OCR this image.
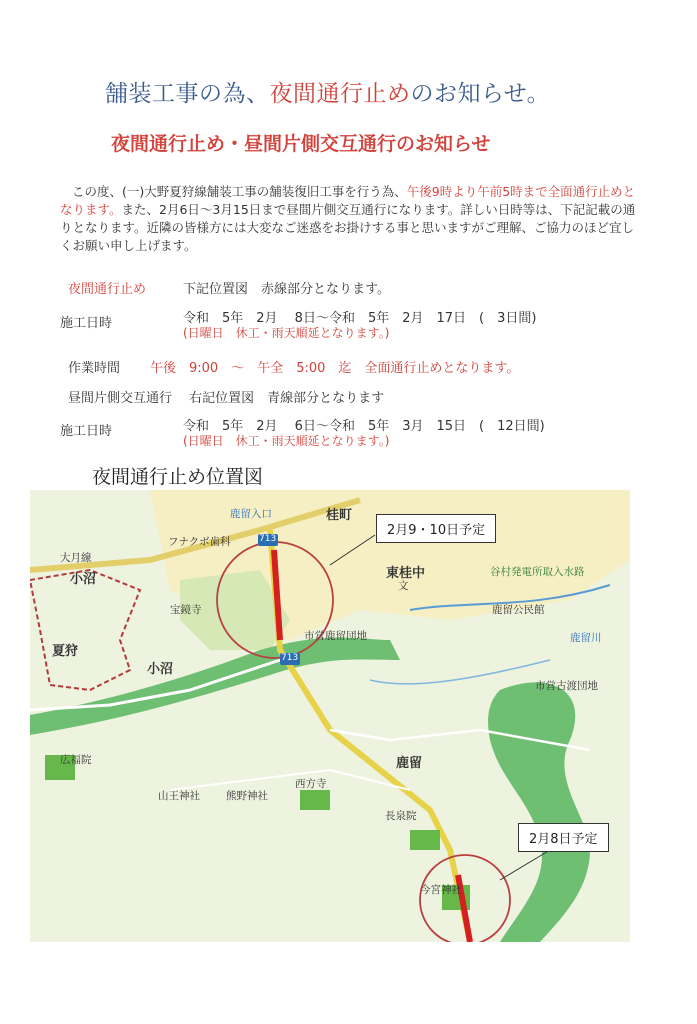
舗装工事の為、夜間通行止めのお知らせ。
夜間通行止め・昼間片側交互通行のお知らせ
この度、(一)大野夏狩線舗装工事の舗装復旧工事を行う為、午後9時より午前5時まで全面通行止めとなります。また、2月6日～3月15日まで昼間片側交互通行になります。詳しい日時等は、下記記載の通りとなります。近隣の皆様方には大変なご迷惑をお掛けする事と思いますがご理解、ご協力のほど宜しくお願い申し上げます。
夜間通行止め	下記位置図　赤線部分となります。
施工日時	令和　5年　2月　 8日～令和　5年　2月　17日　(　3日間)
(日曜日　休工・雨天順延となります。)
作業時間 午後　9:00　～　午全　5:00　迄　全面通行止めとなります。
昼間片側交互通行　 右記位置図　青線部分となります
施工日時	令和　5年　2月　 6日～令和　5年　3月　15日　(　12日間)
(日曜日　休工・雨天順延となります。)
夜間通行止め位置図
2月9・10日予定
2月8日予定
713
713
鹿留入口	桂町
フナクボ歯科
大月線
小沼
夏狩
小沼
宝鏡寺
東桂中
文
谷村発電所取入水路
市営鹿留団地
鹿留公民館
鹿留川
市営古渡団地
鹿留
広福院
山王神社 熊野神社
西方寺
長泉院
今宮神社
